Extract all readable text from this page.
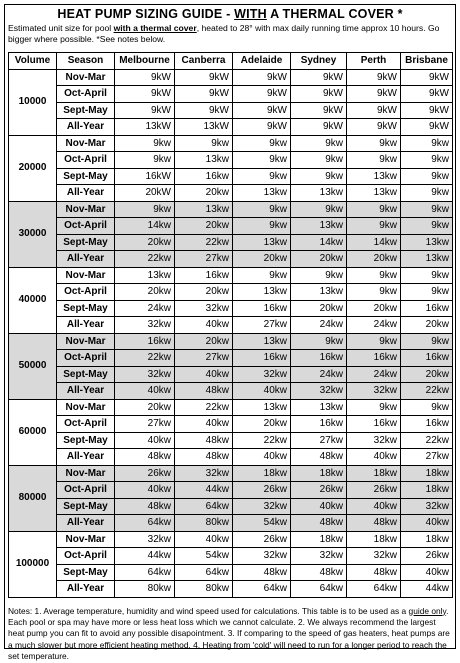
HEAT PUMP SIZING GUIDE - WITH A THERMAL COVER *
Estimated unit size for pool with a thermal cover, heated to 28° with max daily running time approx 10 hours. Go bigger where possible. *See notes below.
Volume	Season	Melbourne	Canberra	Adelaide	Sydney	Perth	Brisbane
10000	Nov-Mar	9kW	9kW	9kW	9kW	9kW	9kW
	Oct-April	9kW	9kW	9kW	9kW	9kW	9kW
	Sept-May	9kW	9kW	9kW	9kW	9kW	9kW
	All-Year	13kW	13kW	9kW	9kW	9kW	9kW
20000	Nov-Mar	9kw	9kw	9kw	9kw	9kw	9kw
	Oct-April	9kw	13kw	9kw	9kw	9kw	9kw
	Sept-May	16kW	16kw	9kw	9kw	13kw	9kw
	All-Year	20kW	20kw	13kw	13kw	13kw	9kw
30000	Nov-Mar	9kw	13kw	9kw	9kw	9kw	9kw
	Oct-April	14kw	20kw	9kw	13kw	9kw	9kw
	Sept-May	20kw	22kw	13kw	14kw	14kw	13kw
	All-Year	22kw	27kw	20kw	20kw	20kw	13kw
40000	Nov-Mar	13kw	16kw	9kw	9kw	9kw	9kw
	Oct-April	20kw	20kw	13kw	13kw	9kw	9kw
	Sept-May	24kw	32kw	16kw	20kw	20kw	16kw
	All-Year	32kw	40kw	27kw	24kw	24kw	20kw
50000	Nov-Mar	16kw	20kw	13kw	9kw	9kw	9kw
	Oct-April	22kw	27kw	16kw	16kw	16kw	16kw
	Sept-May	32kw	40kw	32kw	24kw	24kw	20kw
	All-Year	40kw	48kw	40kw	32kw	32kw	22kw
60000	Nov-Mar	20kw	22kw	13kw	13kw	9kw	9kw
	Oct-April	27kw	40kw	20kw	16kw	16kw	16kw
	Sept-May	40kw	48kw	22kw	27kw	32kw	22kw
	All-Year	48kw	48kw	40kw	48kw	40kw	27kw
80000	Nov-Mar	26kw	32kw	18kw	18kw	18kw	18kw
	Oct-April	40kw	44kw	26kw	26kw	26kw	18kw
	Sept-May	48kw	64kw	32kw	40kw	40kw	32kw
	All-Year	64kw	80kw	54kw	48kw	48kw	40kw
100000	Nov-Mar	32kw	40kw	26kw	18kw	18kw	18kw
	Oct-April	44kw	54kw	32kw	32kw	32kw	26kw
	Sept-May	64kw	64kw	48kw	48kw	48kw	40kw
	All-Year	80kw	80kw	64kw	64kw	64kw	44kw
Notes: 1. Average temperature, humidity and wind speed used for calculations. This table is to be used as a guide only. Each pool or spa may have more or less heat loss which we cannot calculate. 2. We always recommend the largest heat pump you can fit to avoid any possible disapointment. 3. If comparing to the speed of gas heaters, heat pumps are a much slower but more efficient heating method. 4. Heating from 'cold' will need to run for a longer period to reach the set temperature.
